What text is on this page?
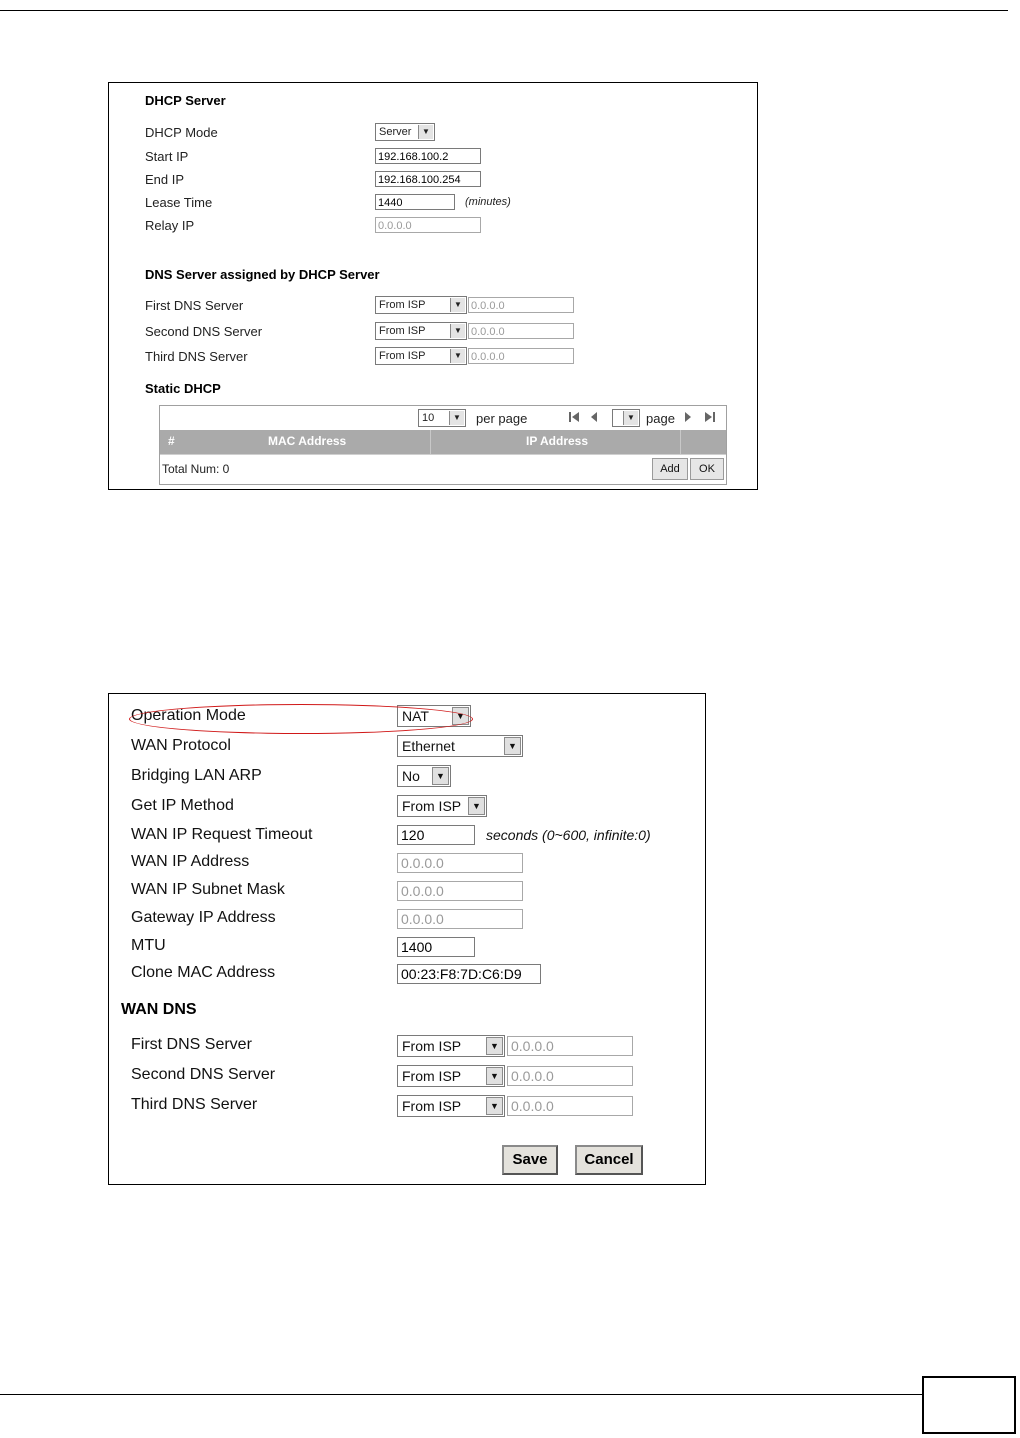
DHCP Server
DHCP Mode	Server	▼
Start IP	192.168.100.2
End IP	192.168.100.254
Lease Time	1440	(minutes)
Relay IP	0.0.0.0
DNS Server assigned by DHCP Server
First DNS Server	From ISP	▼ 0.0.0.0
Second DNS Server	From ISP	▼ 0.0.0.0
Third DNS Server	From ISP	▼ 0.0.0.0
Static DHCP
10	▼ per page	▼ page
#	MAC Address	IP Address
Total Num: 0	Add	OK
Operation Mode	NAT	▼
WAN Protocol	Ethernet	▼
Bridging LAN ARP	No	▼
Get IP Method	From ISP	▼
WAN IP Request Timeout	120	seconds (0~600, infinite:0)
WAN IP Address	0.0.0.0
WAN IP Subnet Mask	0.0.0.0
Gateway IP Address	0.0.0.0
MTU	1400
Clone MAC Address	00:23:F8:7D:C6:D9
WAN DNS
First DNS Server	From ISP	▼ 0.0.0.0
Second DNS Server	From ISP	▼ 0.0.0.0
Third DNS Server	From ISP	▼ 0.0.0.0
Save	Cancel
